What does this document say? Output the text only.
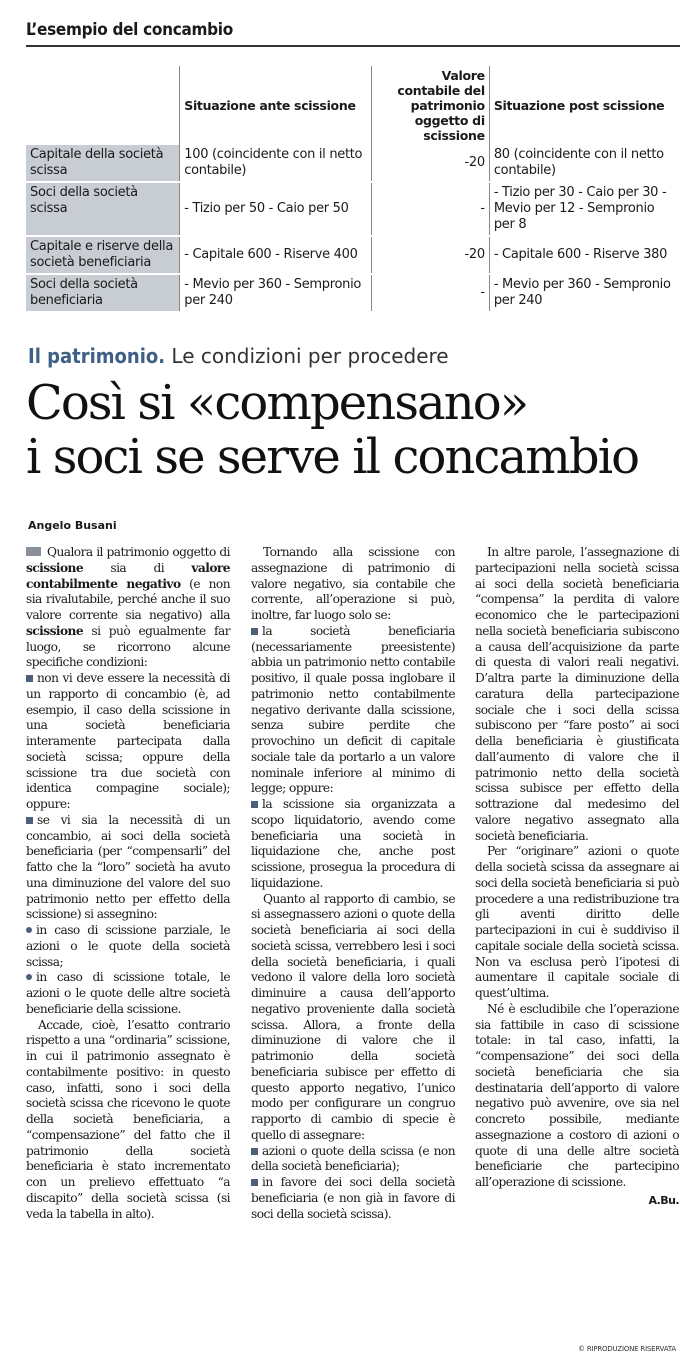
L’esempio del concambio
	Situazione ante scissione	Valore contabile del patrimonio oggetto di scissione	Situazione post scissione
Capitale della società scissa	100 (coincidente con il netto contabile)	-20	80 (coincidente con il netto contabile)
Soci della società scissa	- Tizio per 50 - Caio per 50	-	- Tizio per 30 - Caio per 30 - Mevio per 12 - Sempronio per 8
Capitale e riserve della società beneficiaria	- Capitale 600 - Riserve 400	-20	- Capitale 600 - Riserve 380
Soci della società beneficiaria	- Mevio per 360 - Sempronio per 240	-	- Mevio per 360 - Sempronio per 240
Il patrimonio. Le condizioni per procedere
Così si «compensano»
i soci se serve il concambio
Angelo Busani

Qualora il patrimonio oggetto di scissione sia di valore contabilmente negativo (e non sia rivalutabile, perché anche il suo valore corrente sia negativo) alla scissione si può egualmente far luogo, se ricorrono alcune specifiche condizioni:

non vi deve essere la necessità di un rapporto di concambio (è, ad esempio, il caso della scissione in una società beneficiaria interamente partecipata dalla società scissa; oppure della scissione tra due società con identica compagine sociale); oppure:

se vi sia la necessità di un concambio, ai soci della società beneficiaria (per “compensarli” del fatto che la “loro” società ha avuto una diminuzione del valore del suo patrimonio netto per effetto della scissione) si assegnino:

in caso di scissione parziale, le azioni o le quote della società scissa;

in caso di scissione totale, le azioni o le quote delle altre società beneficiarie della scissione.

Accade, cioè, l’esatto contrario rispetto a una “ordinaria” scissione, in cui il patrimonio assegnato è contabilmente positivo: in questo caso, infatti, sono i soci della società scissa che ricevono le quote della società beneficiaria, a “compensazione” del fatto che il patrimonio della società beneficiaria è stato incrementato con un prelievo effettuato “a discapito” della società scissa (si veda la tabella in alto).

Tornando alla scissione con assegnazione di patrimonio di valore negativo, sia contabile che corrente, all’operazione si può, inoltre, far luogo solo se:

la società beneficiaria (necessariamente preesistente) abbia un patrimonio netto contabile positivo, il quale possa inglobare il patrimonio netto contabilmente negativo derivante dalla scissione, senza subire perdite che provochino un deficit di capitale sociale tale da portarlo a un valore nominale inferiore al minimo di legge; oppure:

la scissione sia organizzata a scopo liquidatorio, avendo come beneficiaria una società in liquidazione che, anche post scissione, prosegua la procedura di liquidazione.

Quanto al rapporto di cambio, se si assegnassero azioni o quote della società beneficiaria ai soci della società scissa, verrebbero lesi i soci della società beneficiaria, i quali vedono il valore della loro società diminuire a causa dell’apporto negativo proveniente dalla società scissa. Allora, a fronte della diminuzione di valore che il patrimonio della società beneficiaria subisce per effetto di questo apporto negativo, l’unico modo per configurare un congruo rapporto di cambio di specie è quello di assegnare:

azioni o quote della scissa (e non della società beneficiaria);

in favore dei soci della società beneficiaria (e non già in favore di soci della società scissa).

In altre parole, l’assegnazione di partecipazioni nella società scissa ai soci della società beneficiaria “compensa” la perdita di valore economico che le partecipazioni nella società beneficiaria subiscono a causa dell’acquisizione da parte di questa di valori reali negativi. D’altra parte la diminuzione della caratura della partecipazione sociale che i soci della scissa subiscono per “fare posto” ai soci della beneficiaria è giustificata dall’aumento di valore che il patrimonio netto della società scissa subisce per effetto della sottrazione dal medesimo del valore negativo assegnato alla società beneficiaria.

Per “originare” azioni o quote della società scissa da assegnare ai soci della società beneficiaria si può procedere a una redistribuzione tra gli aventi diritto delle partecipazioni in cui è suddiviso il capitale sociale della società scissa. Non va esclusa però l’ipotesi di aumentare il capitale sociale di quest’ultima.

Né è escludibile che l’operazione sia fattibile in caso di scissione totale: in tal caso, infatti, la “compensazione” dei soci della società beneficiaria che sia destinataria dell’apporto di valore negativo può avvenire, ove sia nel concreto possibile, mediante assegnazione a costoro di azioni o quote di una delle altre società beneficiarie che partecipino all’operazione di scissione.

A.Bu.
© RIPRODUZIONE RISERVATA
